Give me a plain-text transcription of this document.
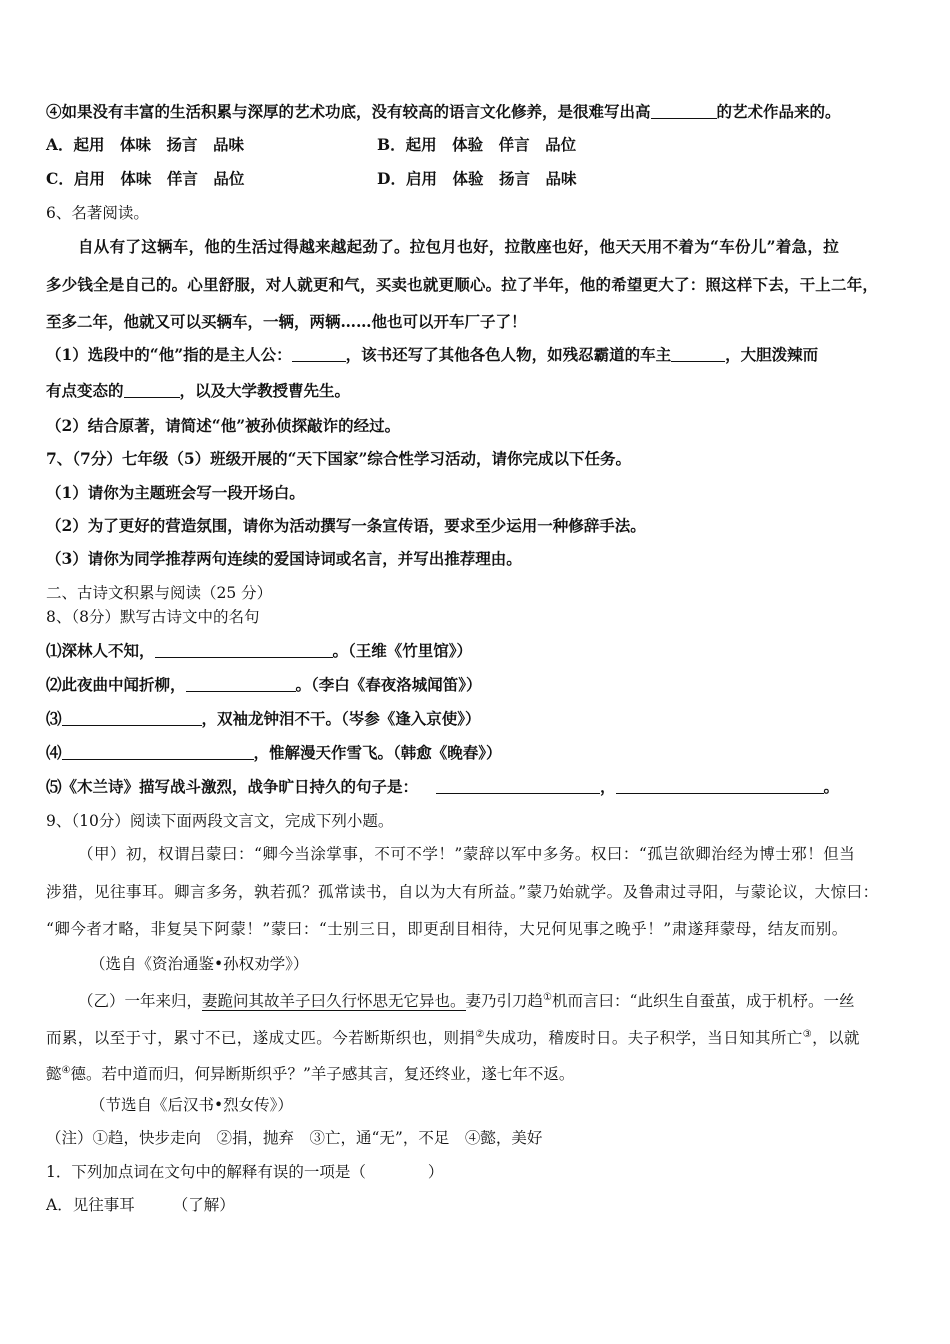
④如果没有丰富的生活积累与深厚的艺术功底，没有较高的语言文化修养，是很难写出高	的艺术作品来的。
A．起用　体味　扬言　品味	B．起用　体验　佯言　品位
C．启用　体味　佯言　品位	D．启用　体验　扬言　品味
6、名著阅读。
自从有了这辆车，他的生活过得越来越起劲了。拉包月也好，拉散座也好，他天天用不着为“车份儿”着急，拉
多少钱全是自己的。心里舒服，对人就更和气，买卖也就更顺心。拉了半年，他的希望更大了：照这样下去，干上二年，
至多二年，他就又可以买辆车，一辆，两辆……他也可以开车厂子了！
（1）选段中的“他”指的是主人公：	，该书还写了其他各色人物，如残忍霸道的车主	，大胆泼辣而
有点变态的	，以及大学教授曹先生。
（2）结合原著，请简述“他”被孙侦探敲诈的经过。
7、（7分）七年级（5）班级开展的“天下国家”综合性学习活动，请你完成以下任务。
（1）请你为主题班会写一段开场白。
（2）为了更好的营造氛围，请你为活动撰写一条宣传语，要求至少运用一种修辞手法。
（3）请你为同学推荐两句连续的爱国诗词或名言，并写出推荐理由。
二、古诗文积累与阅读（25 分）
8、（8分）默写古诗文中的名句
⑴深林人不知，	。（王维《竹里馆》）
⑵此夜曲中闻折柳，	。（李白《春夜洛城闻笛》）
⑶	，双袖龙钟泪不干。（岑参《逢入京使》）
⑷	，惟解漫天作雪飞。（韩愈《晚春》）
⑸《木兰诗》描写战斗激烈，战争旷日持久的句子是：	，	。
9、（10分）阅读下面两段文言文，完成下列小题。
（甲）初，权谓吕蒙曰：“卿今当涂掌事，不可不学！”蒙辞以军中多务。权曰：“孤岂欲卿治经为博士邪！但当
涉猎，见往事耳。卿言多务，孰若孤？孤常读书，自以为大有所益。”蒙乃始就学。及鲁肃过寻阳，与蒙论议，大惊曰：
“卿今者才略，非复吴下阿蒙！”蒙曰：“士别三日，即更刮目相待，大兄何见事之晚乎！”肃遂拜蒙母，结友而别。
（选自《资治通鉴•孙权劝学》）
（乙）一年来归，妻跪问其故羊子曰久行怀思无它异也。妻乃引刀趋①机而言曰：“此织生自蚕茧，成于机杼。一丝
而累，以至于寸，累寸不已，遂成丈匹。今若断斯织也，则捐②失成功，稽废时日。夫子积学，当日知其所亡③，以就
懿④德。若中道而归，何异断斯织乎？”羊子感其言，复还终业，遂七年不返。
（节选自《后汉书•烈女传》）
（注）①趋，快步走向　②捐，抛弃　③亡，通“无”，不足　④懿，美好
1．下列加点词在文句中的解释有误的一项是（　　　　）
A．见往事耳 （了解）
